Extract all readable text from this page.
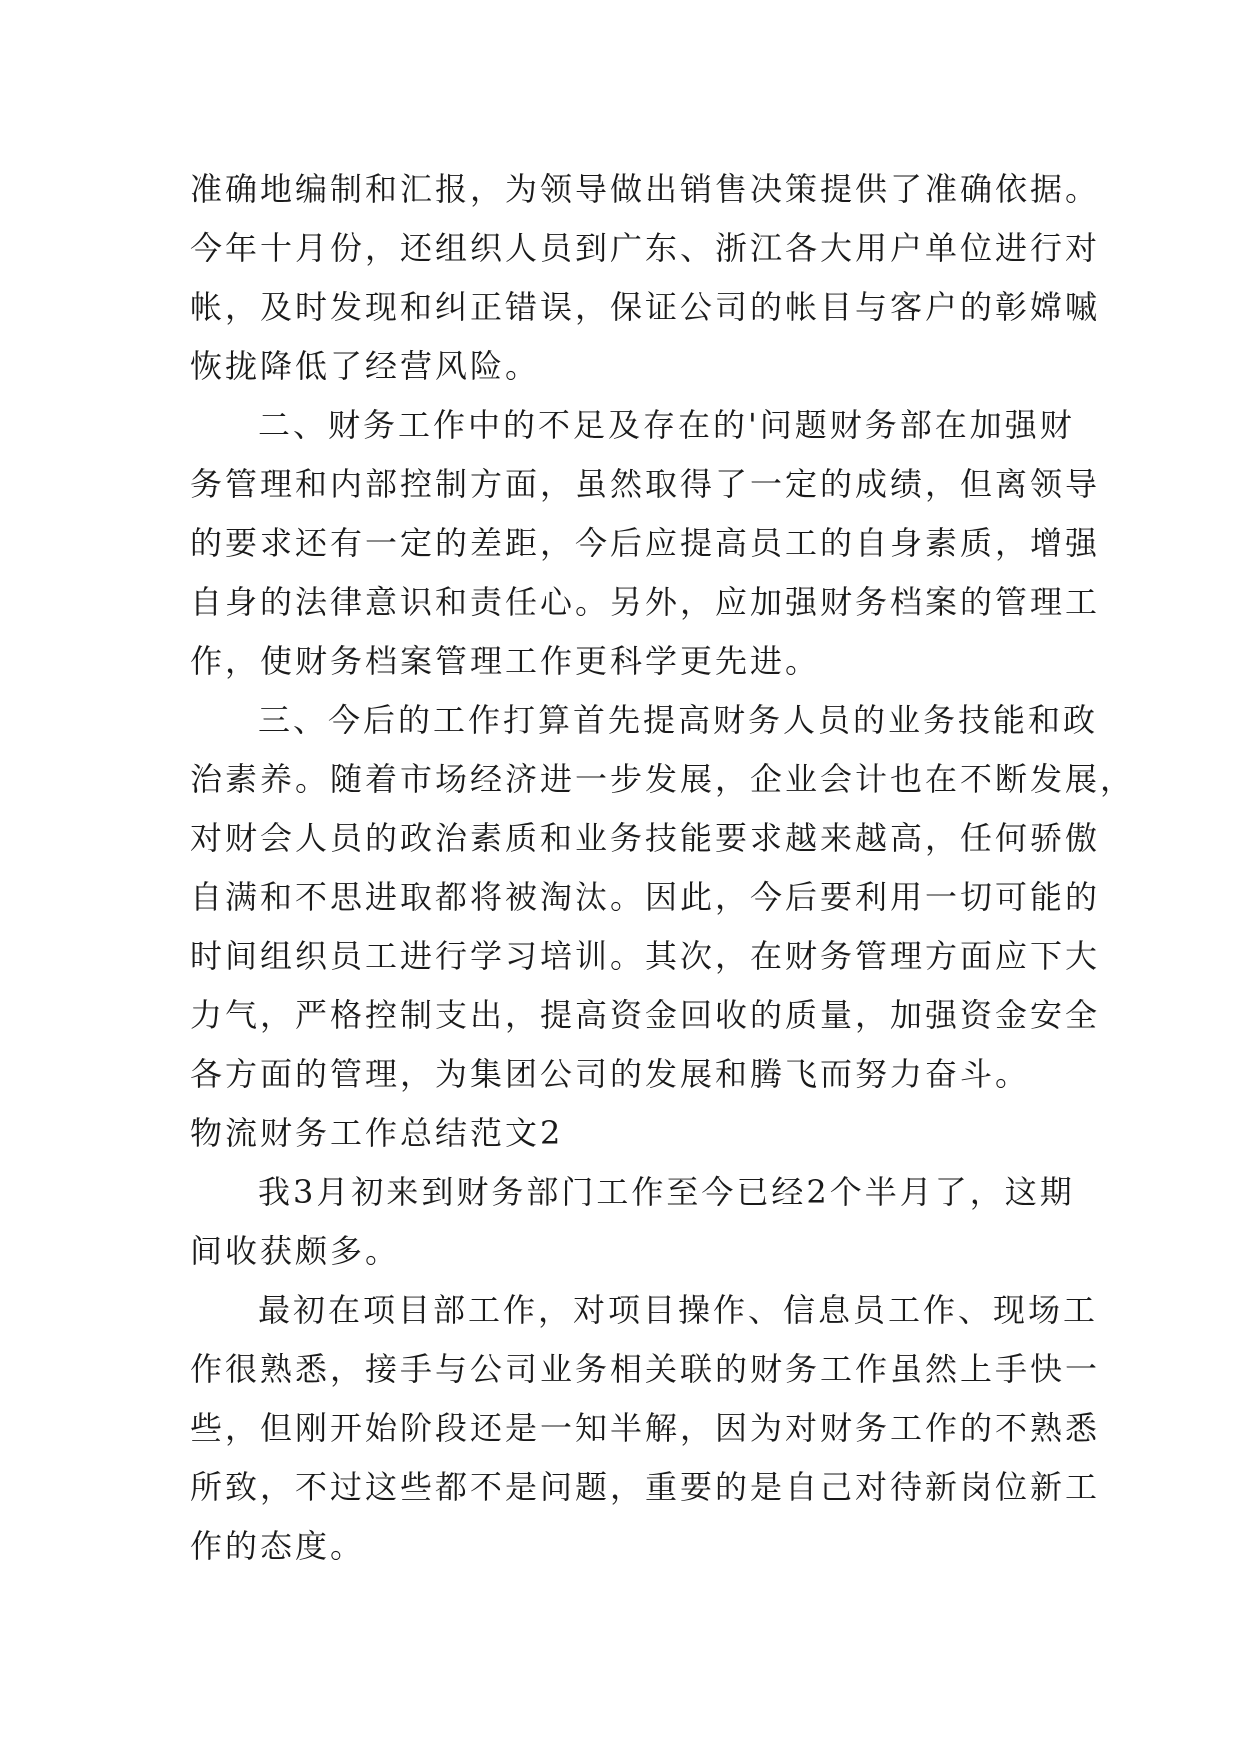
准确地编制和汇报，为领导做出销售决策提供了准确依据。
今年十月份，还组织人员到广东、浙江各大用户单位进行对
帐，及时发现和纠正错误，保证公司的帐目与客户的彰嫦嘁
恢拢降低了经营风险。
二、财务工作中的不足及存在的'问题财务部在加强财
务管理和内部控制方面，虽然取得了一定的成绩，但离领导
的要求还有一定的差距，今后应提高员工的自身素质，增强
自身的法律意识和责任心。另外，应加强财务档案的管理工
作，使财务档案管理工作更科学更先进。
三、今后的工作打算首先提高财务人员的业务技能和政
治素养。随着市场经济进一步发展，企业会计也在不断发展，
对财会人员的政治素质和业务技能要求越来越高，任何骄傲
自满和不思进取都将被淘汰。因此，今后要利用一切可能的
时间组织员工进行学习培训。其次，在财务管理方面应下大
力气，严格控制支出，提高资金回收的质量，加强资金安全
各方面的管理，为集团公司的发展和腾飞而努力奋斗。
物流财务工作总结范文2
我3月初来到财务部门工作至今已经2个半月了，这期
间收获颇多。
最初在项目部工作，对项目操作、信息员工作、现场工
作很熟悉，接手与公司业务相关联的财务工作虽然上手快一
些，但刚开始阶段还是一知半解，因为对财务工作的不熟悉
所致，不过这些都不是问题，重要的是自己对待新岗位新工
作的态度。
